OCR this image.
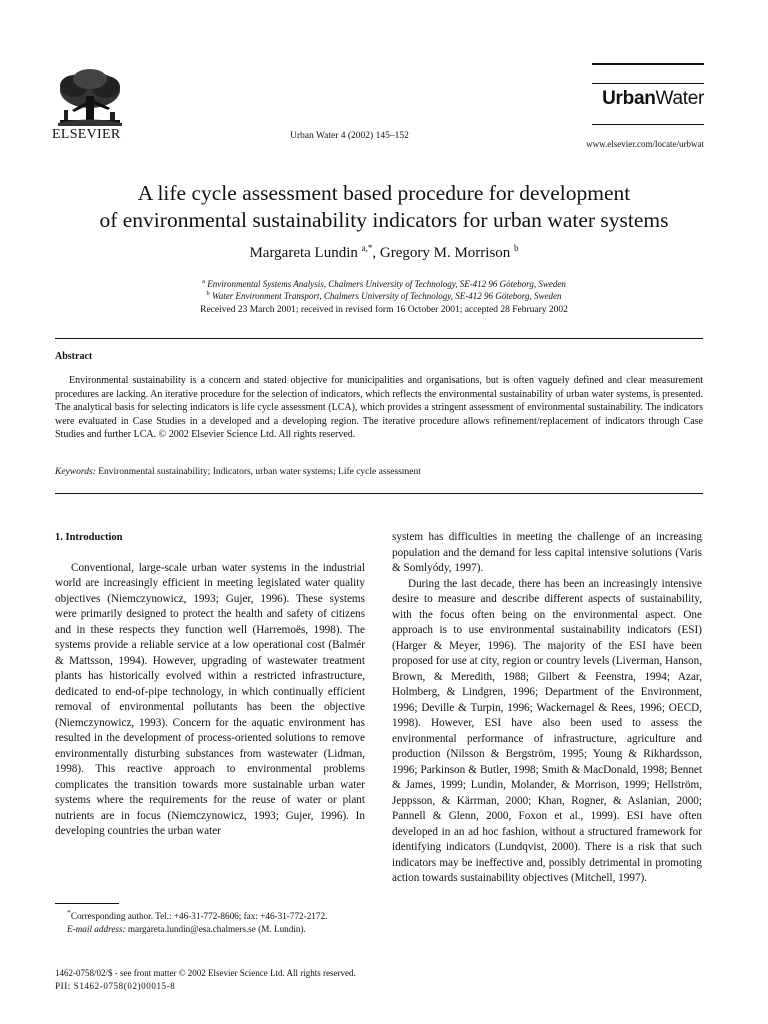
ELSEVIER	Urban Water 4 (2002) 145–152
UrbanWater
www.elsevier.com/locate/urbwat
A life cycle assessment based procedure for development
of environmental sustainability indicators for urban water systems
Margareta Lundin $^{a,*}$, Gregory M. Morrison $^b$
$^a$ Environmental Systems Analysis, Chalmers University of Technology, SE-412 96 Göteborg, Sweden
$^b$ Water Environment Transport, Chalmers University of Technology, SE-412 96 Göteborg, Sweden
Received 23 March 2001; received in revised form 16 October 2001; accepted 28 February 2002
Abstract
Environmental sustainability is a concern and stated objective for municipalities and organisations, but is often vaguely defined and clear measurement procedures are lacking. An iterative procedure for the selection of indicators, which reflects the environmental sustainability of urban water systems, is presented. The analytical basis for selecting indicators is life cycle assessment (LCA), which provides a stringent assessment of environmental sustainability. The indicators were evaluated in Case Studies in a developed and a developing region. The iterative procedure allows refinement/replacement of indicators through Case Studies and further LCA. © 2002 Elsevier Science Ltd. All rights reserved.
Keywords: Environmental sustainability; Indicators, urban water systems; Life cycle assessment

1. Introduction

Conventional, large-scale urban water systems in the industrial world are increasingly efficient in meeting legislated water quality objectives (Niemczynowicz, 1993; Gujer, 1996). These systems were primarily designed to protect the health and safety of citizens and in these respects they function well (Harremoës, 1998). The systems provide a reliable service at a low operational cost (Balmér & Mattsson, 1994). However, upgrading of wastewater treatment plants has historically evolved within a restricted infrastructure, dedicated to end-of-pipe technology, in which continually efficient removal of environmental pollutants has been the objective (Niemczynowicz, 1993). Concern for the aquatic environment has resulted in the development of process-oriented solutions to remove environmentally disturbing substances from wastewater (Lidman, 1998). This reactive approach to environmental problems complicates the transition towards more sustainable urban water systems where the requirements for the reuse of water or plant nutrients are in focus (Niemczynowicz, 1993; Gujer, 1996). In developing countries the urban water

system has difficulties in meeting the challenge of an increasing population and the demand for less capital intensive solutions (Varis & Somlyódy, 1997).

During the last decade, there has been an increasingly intensive desire to measure and describe different aspects of sustainability, with the focus often being on the environmental aspect. One approach is to use environmental sustainability indicators (ESI) (Harger & Meyer, 1996). The majority of the ESI have been proposed for use at city, region or country levels (Liverman, Hanson, Brown, & Meredith, 1988; Gilbert & Feenstra, 1994; Azar, Holmberg, & Lindgren, 1996; Department of the Environment, 1996; Deville & Turpin, 1996; Wackernagel & Rees, 1996; OECD, 1998). However, ESI have also been used to assess the environmental performance of infrastructure, agriculture and production (Nilsson & Bergström, 1995; Young & Rikhardsson, 1996; Parkinson & Butler, 1998; Smith & MacDonald, 1998; Bennet & James, 1999; Lundin, Molander, & Morrison, 1999; Hellström, Jeppsson, & Kärrman, 2000; Khan, Rogner, & Aslanian, 2000; Pannell & Glenn, 2000, Foxon et al., 1999). ESI have often developed in an ad hoc fashion, without a structured framework for identifying indicators (Lundqvist, 2000). There is a risk that such indicators may be ineffective and, possibly detrimental in promoting action towards sustainability objectives (Mitchell, 1997).

*Corresponding author. Tel.: +46-31-772-8606; fax: +46-31-772-2172.

E-mail address: margareta.lundin@esa.chalmers.se (M. Lundin).

1462-0758/02/$ - see front matter © 2002 Elsevier Science Ltd. All rights reserved.
PII: S1462-0758(02)00015-8
